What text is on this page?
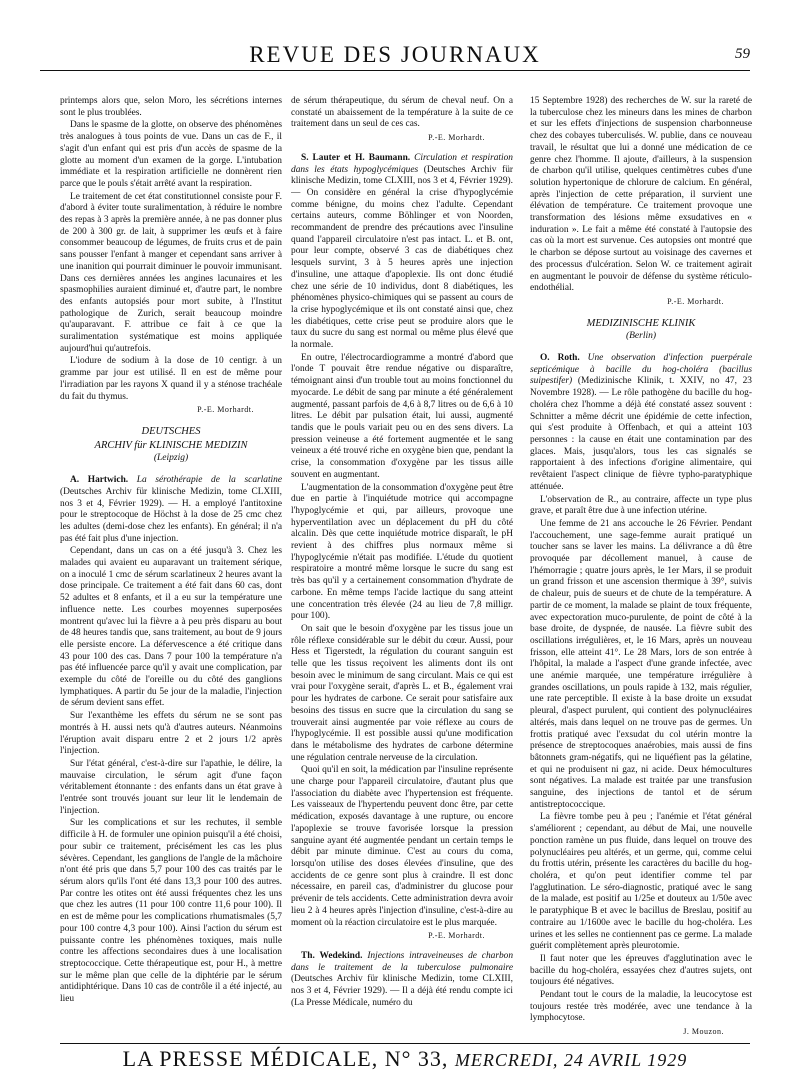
REVUE DES JOURNAUX	59

printemps alors que, selon Moro, les sécrétions internes sont le plus troublées.

Dans le spasme de la glotte, on observe des phénomènes très analogues à tous points de vue. Dans un cas de F., il s'agit d'un enfant qui est pris d'un accès de spasme de la glotte au moment d'un examen de la gorge. L'intubation immédiate et la respiration artificielle ne donnèrent rien parce que le pouls s'était arrêté avant la respiration.

Le traitement de cet état constitutionnel consiste pour F. d'abord à éviter toute suralimentation, à réduire le nombre des repas à 3 après la première année, à ne pas donner plus de 200 à 300 gr. de lait, à supprimer les œufs et à faire consommer beaucoup de légumes, de fruits crus et de pain sans pousser l'enfant à manger et cependant sans arriver à une inanition qui pourrait diminuer le pouvoir immunisant. Dans ces dernières années les angines lacunaires et les spasmophilies auraient diminué et, d'autre part, le nombre des enfants autopsiés pour mort subite, à l'Institut pathologique de Zurich, serait beaucoup moindre qu'auparavant. F. attribue ce fait à ce que la suralimentation systématique est moins appliquée aujourd'hui qu'autrefois.

L'iodure de sodium à la dose de 10 centigr. à un gramme par jour est utilisé. Il en est de même pour l'irradiation par les rayons X quand il y a sténose trachéale du fait du thymus.

P.-E. Morhardt.

DEUTSCHES
ARCHIV für KLINISCHE MEDIZIN
(Leipzig)

A. Hartwich. La sérothérapie de la scarlatine (Deutsches Archiv für klinische Medizin, tome CLXIII, nos 3 et 4, Février 1929). — H. a employé l'antitoxine pour le streptocoque de Höchst à la dose de 25 cmc chez les adultes (demi-dose chez les enfants). En général; il n'a pas été fait plus d'une injection.

Cependant, dans un cas on a été jusqu'à 3. Chez les malades qui avaient eu auparavant un traitement sérique, on a inoculé 1 cmc de sérum scarlatineux 2 heures avant la dose principale. Ce traitement a été fait dans 60 cas, dont 52 adultes et 8 enfants, et il a eu sur la température une influence nette. Les courbes moyennes superposées montrent qu'avec lui la fièvre a à peu près disparu au bout de 48 heures tandis que, sans traitement, au bout de 9 jours elle persiste encore. La défervescence a été critique dans 43 pour 100 des cas. Dans 7 pour 100 la température n'a pas été influencée parce qu'il y avait une complication, par exemple du côté de l'oreille ou du côté des ganglions lymphatiques. A partir du 5e jour de la maladie, l'injection de sérum devient sans effet.

Sur l'exanthème les effets du sérum ne se sont pas montrés à H. aussi nets qu'à d'autres auteurs. Néanmoins l'éruption avait disparu entre 2 et 2 jours 1/2 après l'injection.

Sur l'état général, c'est-à-dire sur l'apathie, le délire, la mauvaise circulation, le sérum agit d'une façon véritablement étonnante : des enfants dans un état grave à l'entrée sont trouvés jouant sur leur lit le lendemain de l'injection.

Sur les complications et sur les rechutes, il semble difficile à H. de formuler une opinion puisqu'il a été choisi, pour subir ce traitement, précisément les cas les plus sévères. Cependant, les ganglions de l'angle de la mâchoire n'ont été pris que dans 5,7 pour 100 des cas traités par le sérum alors qu'ils l'ont été dans 13,3 pour 100 des autres. Par contre les otites ont été aussi fréquentes chez les uns que chez les autres (11 pour 100 contre 11,6 pour 100). Il en est de même pour les complications rhumatismales (5,7 pour 100 contre 4,3 pour 100). Ainsi l'action du sérum est puissante contre les phénomènes toxiques, mais nulle contre les affections secondaires dues à une localisation streptococcique. Cette thérapeutique est, pour H., à mettre sur le même plan que celle de la diphtérie par le sérum antidiphtérique. Dans 10 cas de contrôle il a été injecté, au lieu

de sérum thérapeutique, du sérum de cheval neuf. On a constaté un abaissement de la température à la suite de ce traitement dans un seul de ces cas.

P.-E. Morhardt.

S. Lauter et H. Baumann. Circulation et respiration dans les états hypoglycémiques (Deutsches Archiv für klinische Medizin, tome CLXIII, nos 3 et 4, Février 1929). — On considère en général la crise d'hypoglycémie comme bénigne, du moins chez l'adulte. Cependant certains auteurs, comme Böhlinger et von Noorden, recommandent de prendre des précautions avec l'insuline quand l'appareil circulatoire n'est pas intact. L. et B. ont, pour leur compte, observé 3 cas de diabétiques chez lesquels survint, 3 à 5 heures après une injection d'insuline, une attaque d'apoplexie. Ils ont donc étudié chez une série de 10 individus, dont 8 diabétiques, les phénomènes physico-chimiques qui se passent au cours de la crise hypoglycémique et ils ont constaté ainsi que, chez les diabétiques, cette crise peut se produire alors que le taux du sucre du sang est normal ou même plus élevé que la normale.

En outre, l'électrocardiogramme a montré d'abord que l'onde T pouvait être rendue négative ou disparaître, témoignant ainsi d'un trouble tout au moins fonctionnel du myocarde. Le débit de sang par minute a été généralement augmenté, passant parfois de 4,6 à 8,7 litres ou de 6,6 à 10 litres. Le débit par pulsation était, lui aussi, augmenté tandis que le pouls variait peu ou en des sens divers. La pression veineuse a été fortement augmentée et le sang veineux a été trouvé riche en oxygène bien que, pendant la crise, la consommation d'oxygène par les tissus aille souvent en augmentant.

L'augmentation de la consommation d'oxygène peut être due en partie à l'inquiétude motrice qui accompagne l'hypoglycémie et qui, par ailleurs, provoque une hyperventilation avec un déplacement du pH du côté alcalin. Dès que cette inquiétude motrice disparaît, le pH revient à des chiffres plus normaux même si l'hypoglycémie n'était pas modifiée. L'étude du quotient respiratoire a montré même lorsque le sucre du sang est très bas qu'il y a certainement consommation d'hydrate de carbone. En même temps l'acide lactique du sang atteint une concentration très élevée (24 au lieu de 7,8 milligr. pour 100).

On sait que le besoin d'oxygène par les tissus joue un rôle réflexe considérable sur le débit du cœur. Aussi, pour Hess et Tigerstedt, la régulation du courant sanguin est telle que les tissus reçoivent les aliments dont ils ont besoin avec le minimum de sang circulant. Mais ce qui est vrai pour l'oxygène serait, d'après L. et B., également vrai pour les hydrates de carbone. Ce serait pour satisfaire aux besoins des tissus en sucre que la circulation du sang se trouverait ainsi augmentée par voie réflexe au cours de l'hypoglycémie. Il est possible aussi qu'une modification dans le métabolisme des hydrates de carbone détermine une régulation centrale nerveuse de la circulation.

Quoi qu'il en soit, la médication par l'insuline représente une charge pour l'appareil circulatoire, d'autant plus que l'association du diabète avec l'hypertension est fréquente. Les vaisseaux de l'hypertendu peuvent donc être, par cette médication, exposés davantage à une rupture, ou encore l'apoplexie se trouve favorisée lorsque la pression sanguine ayant été augmentée pendant un certain temps le débit par minute diminue. C'est au cours du coma, lorsqu'on utilise des doses élevées d'insuline, que des accidents de ce genre sont plus à craindre. Il est donc nécessaire, en pareil cas, d'administrer du glucose pour prévenir de tels accidents. Cette administration devra avoir lieu 2 à 4 heures après l'injection d'insuline, c'est-à-dire au moment où la réaction circulatoire est le plus marquée.

P.-E. Morhardt.

Th. Wedekind. Injections intraveineuses de charbon dans le traitement de la tuberculose pulmonaire (Deutsches Archiv für klinische Medizin, tome CLXIII, nos 3 et 4, Février 1929). — Il a déjà été rendu compte ici (La Presse Médicale, numéro du

15 Septembre 1928) des recherches de W. sur la rareté de la tuberculose chez les mineurs dans les mines de charbon et sur les effets d'injections de suspension charbonneuse chez des cobayes tuberculisés. W. publie, dans ce nouveau travail, le résultat que lui a donné une médication de ce genre chez l'homme. Il ajoute, d'ailleurs, à la suspension de charbon qu'il utilise, quelques centimètres cubes d'une solution hypertonique de chlorure de calcium. En général, après l'injection de cette préparation, il survient une élévation de température. Ce traitement provoque une transformation des lésions même exsudatives en « induration ». Le fait a même été constaté à l'autopsie des cas où la mort est survenue. Ces autopsies ont montré que le charbon se dépose surtout au voisinage des cavernes et des processus d'ulcération. Selon W. ce traitement agirait en augmentant le pouvoir de défense du système réticulo-endothélial.

P.-E. Morhardt.

MEDIZINISCHE KLINIK
(Berlin)

O. Roth. Une observation d'infection puerpérale septicémique à bacille du hog-choléra (bacillus suipestifer) (Medizinische Klinik, t. XXIV, no 47, 23 Novembre 1928). — Le rôle pathogène du bacille du hog-choléra chez l'homme a déjà été constaté assez souvent : Schnitter a même décrit une épidémie de cette infection, qui s'est produite à Offenbach, et qui a atteint 103 personnes : la cause en était une contamination par des glaces. Mais, jusqu'alors, tous les cas signalés se rapportaient à des infections d'origine alimentaire, qui revêtaient l'aspect clinique de fièvre typho-paratyphique atténuée.

L'observation de R., au contraire, affecte un type plus grave, et paraît être due à une infection utérine.

Une femme de 21 ans accouche le 26 Février. Pendant l'accouchement, une sage-femme aurait pratiqué un toucher sans se laver les mains. La délivrance a dû être provoquée par décollement manuel, à cause de l'hémorragie ; quatre jours après, le 1er Mars, il se produit un grand frisson et une ascension thermique à 39°, suivis de chaleur, puis de sueurs et de chute de la température. A partir de ce moment, la malade se plaint de toux fréquente, avec expectoration muco-purulente, de point de côté à la base droite, de dyspnée, de nausée. La fièvre subit des oscillations irrégulières, et, le 16 Mars, après un nouveau frisson, elle atteint 41°. Le 28 Mars, lors de son entrée à l'hôpital, la malade a l'aspect d'une grande infectée, avec une anémie marquée, une température irrégulière à grandes oscillations, un pouls rapide à 132, mais régulier, une rate perceptible. Il existe à la base droite un exsudat pleural, d'aspect purulent, qui contient des polynucléaires altérés, mais dans lequel on ne trouve pas de germes. Un frottis pratiqué avec l'exsudat du col utérin montre la présence de streptocoques anaérobies, mais aussi de fins bâtonnets gram-négatifs, qui ne liquéfient pas la gélatine, et qui ne produisent ni gaz, ni acide. Deux hémocultures sont négatives. La malade est traitée par une transfusion sanguine, des injections de tantol et de sérum antistreptococcique.

La fièvre tombe peu à peu ; l'anémie et l'état général s'améliorent ; cependant, au début de Mai, une nouvelle ponction ramène un pus fluide, dans lequel on trouve des polynucléaires peu altérés, et un germe, qui, comme celui du frottis utérin, présente les caractères du bacille du hog-choléra, et qu'on peut identifier comme tel par l'agglutination. Le séro-diagnostic, pratiqué avec le sang de la malade, est positif au 1/25e et douteux au 1/50e avec le paratyphique B et avec le bacillus de Breslau, positif au contraire au 1/1600e avec le bacille du hog-choléra. Les urines et les selles ne contiennent pas ce germe. La malade guérit complètement après pleurotomie.

Il faut noter que les épreuves d'agglutination avec le bacille du hog-choléra, essayées chez d'autres sujets, ont toujours été négatives.

Pendant tout le cours de la maladie, la leucocytose est toujours restée très modérée, avec une tendance à la lymphocytose.

J. Mouzon.

LA PRESSE MÉDICALE, N° 33, MERCREDI, 24 AVRIL 1929
